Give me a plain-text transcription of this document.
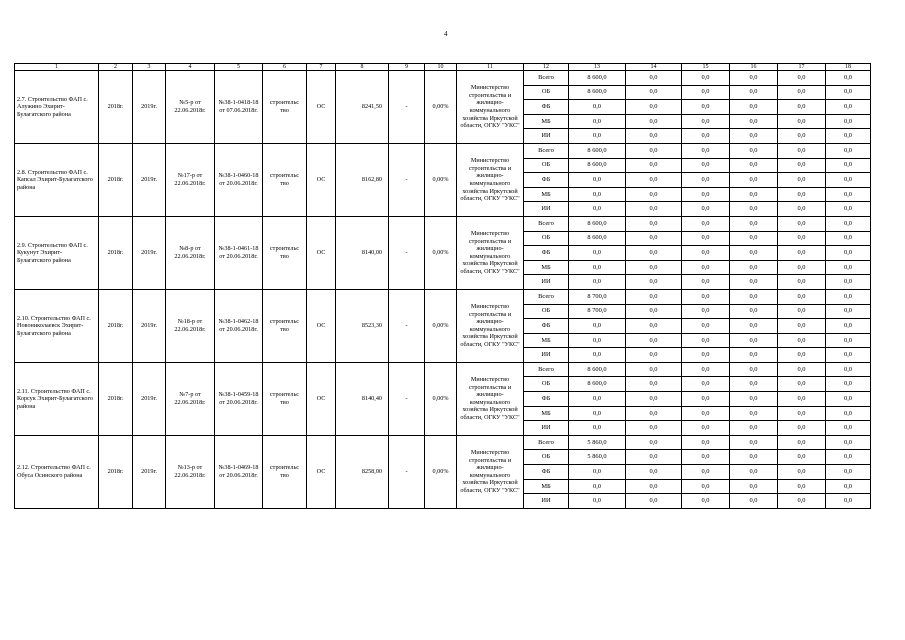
4
1	2	3	4	5	6	7	8	9	10	11	12	13	14	15	16	17	18
2.7. Строительство ФАП с. Алужино Эхирит-Булагатского района	2018г.	2019г.	№5-р от 22.06.2018г.	№38-1-0418-18 от 07.06.2018г.	строительс тво	ОС	8241,50	-	0,00%	Министерство строительства и жилищно-коммунального хозяйства Иркутской области, ОГКУ "УКС"	Всего	8 600,0	0,0	0,0	0,0	0,0	0,0
											ОБ	8 600,0	0,0	0,0	0,0	0,0	0,0
											ФБ	0,0	0,0	0,0	0,0	0,0	0,0
											МБ	0,0	0,0	0,0	0,0	0,0	0,0
											ИИ	0,0	0,0	0,0	0,0	0,0	0,0
2.8. Строительство ФАП с. Капсал Эхирит-Булагатского района	2018г.	2019г.	№17-р от 22.06.2018г.	№38-1-0460-18 от 20.06.2018г.	строительс тво	ОС	8162,80	-	0,00%	Министерство строительства и жилищно-коммунального хозяйства Иркутской области, ОГКУ "УКС"	Всего	8 600,0	0,0	0,0	0,0	0,0	0,0
											ОБ	8 600,0	0,0	0,0	0,0	0,0	0,0
											ФБ	0,0	0,0	0,0	0,0	0,0	0,0
											МБ	0,0	0,0	0,0	0,0	0,0	0,0
											ИИ	0,0	0,0	0,0	0,0	0,0	0,0
2.9. Строительство ФАП с. Кукунут Эхирит-Булагатского района	2018г.	2019г.	№8-р от 22.06.2018г.	№38-1-0461-18 от 20.06.2018г.	строительс тво	ОС	8140,00	-	0,00%	Министерство строительства и жилищно-коммунального хозяйства Иркутской области, ОГКУ "УКС"	Всего	8 600,0	0,0	0,0	0,0	0,0	0,0
											ОБ	8 600,0	0,0	0,0	0,0	0,0	0,0
											ФБ	0,0	0,0	0,0	0,0	0,0	0,0
											МБ	0,0	0,0	0,0	0,0	0,0	0,0
											ИИ	0,0	0,0	0,0	0,0	0,0	0,0
2.10. Строительство ФАП с. Новониколаевск Эхирит-Булагатского района	2018г.	2019г.	№18-р от 22.06.2018г.	№38-1-0462-18 от 20.06.2018г.	строительс тво	ОС	8523,30	-	0,00%	Министерство строительства и жилищно-коммунального хозяйства Иркутской области, ОГКУ "УКС"	Всего	8 700,0	0,0	0,0	0,0	0,0	0,0
											ОБ	8 700,0	0,0	0,0	0,0	0,0	0,0
											ФБ	0,0	0,0	0,0	0,0	0,0	0,0
											МБ	0,0	0,0	0,0	0,0	0,0	0,0
											ИИ	0,0	0,0	0,0	0,0	0,0	0,0
2.11. Строительство ФАП с. Корсук Эхирит-Булагатского района	2018г.	2019г.	№7-р от 22.06.2018г.	№38-1-0459-18 от 20.06.2018г.	строительс тво	ОС	8140,40	-	0,00%	Министерство строительства и жилищно-коммунального хозяйства Иркутской области, ОГКУ "УКС"	Всего	8 600,0	0,0	0,0	0,0	0,0	0,0
											ОБ	8 600,0	0,0	0,0	0,0	0,0	0,0
											ФБ	0,0	0,0	0,0	0,0	0,0	0,0
											МБ	0,0	0,0	0,0	0,0	0,0	0,0
											ИИ	0,0	0,0	0,0	0,0	0,0	0,0
2.12. Строительство ФАП с. Обуса Осинского района	2018г.	2019г.	№13-р от 22.06.2018г.	№38-1-0469-18 от 20.06.2018г.	строительс тво	ОС	8258,00	-	0,00%	Министерство строительства и жилищно-коммунального хозяйства Иркутской области, ОГКУ "УКС"	Всего	5 860,0	0,0	0,0	0,0	0,0	0,0
											ОБ	5 860,0	0,0	0,0	0,0	0,0	0,0
											ФБ	0,0	0,0	0,0	0,0	0,0	0,0
											МБ	0,0	0,0	0,0	0,0	0,0	0,0
											ИИ	0,0	0,0	0,0	0,0	0,0	0,0
